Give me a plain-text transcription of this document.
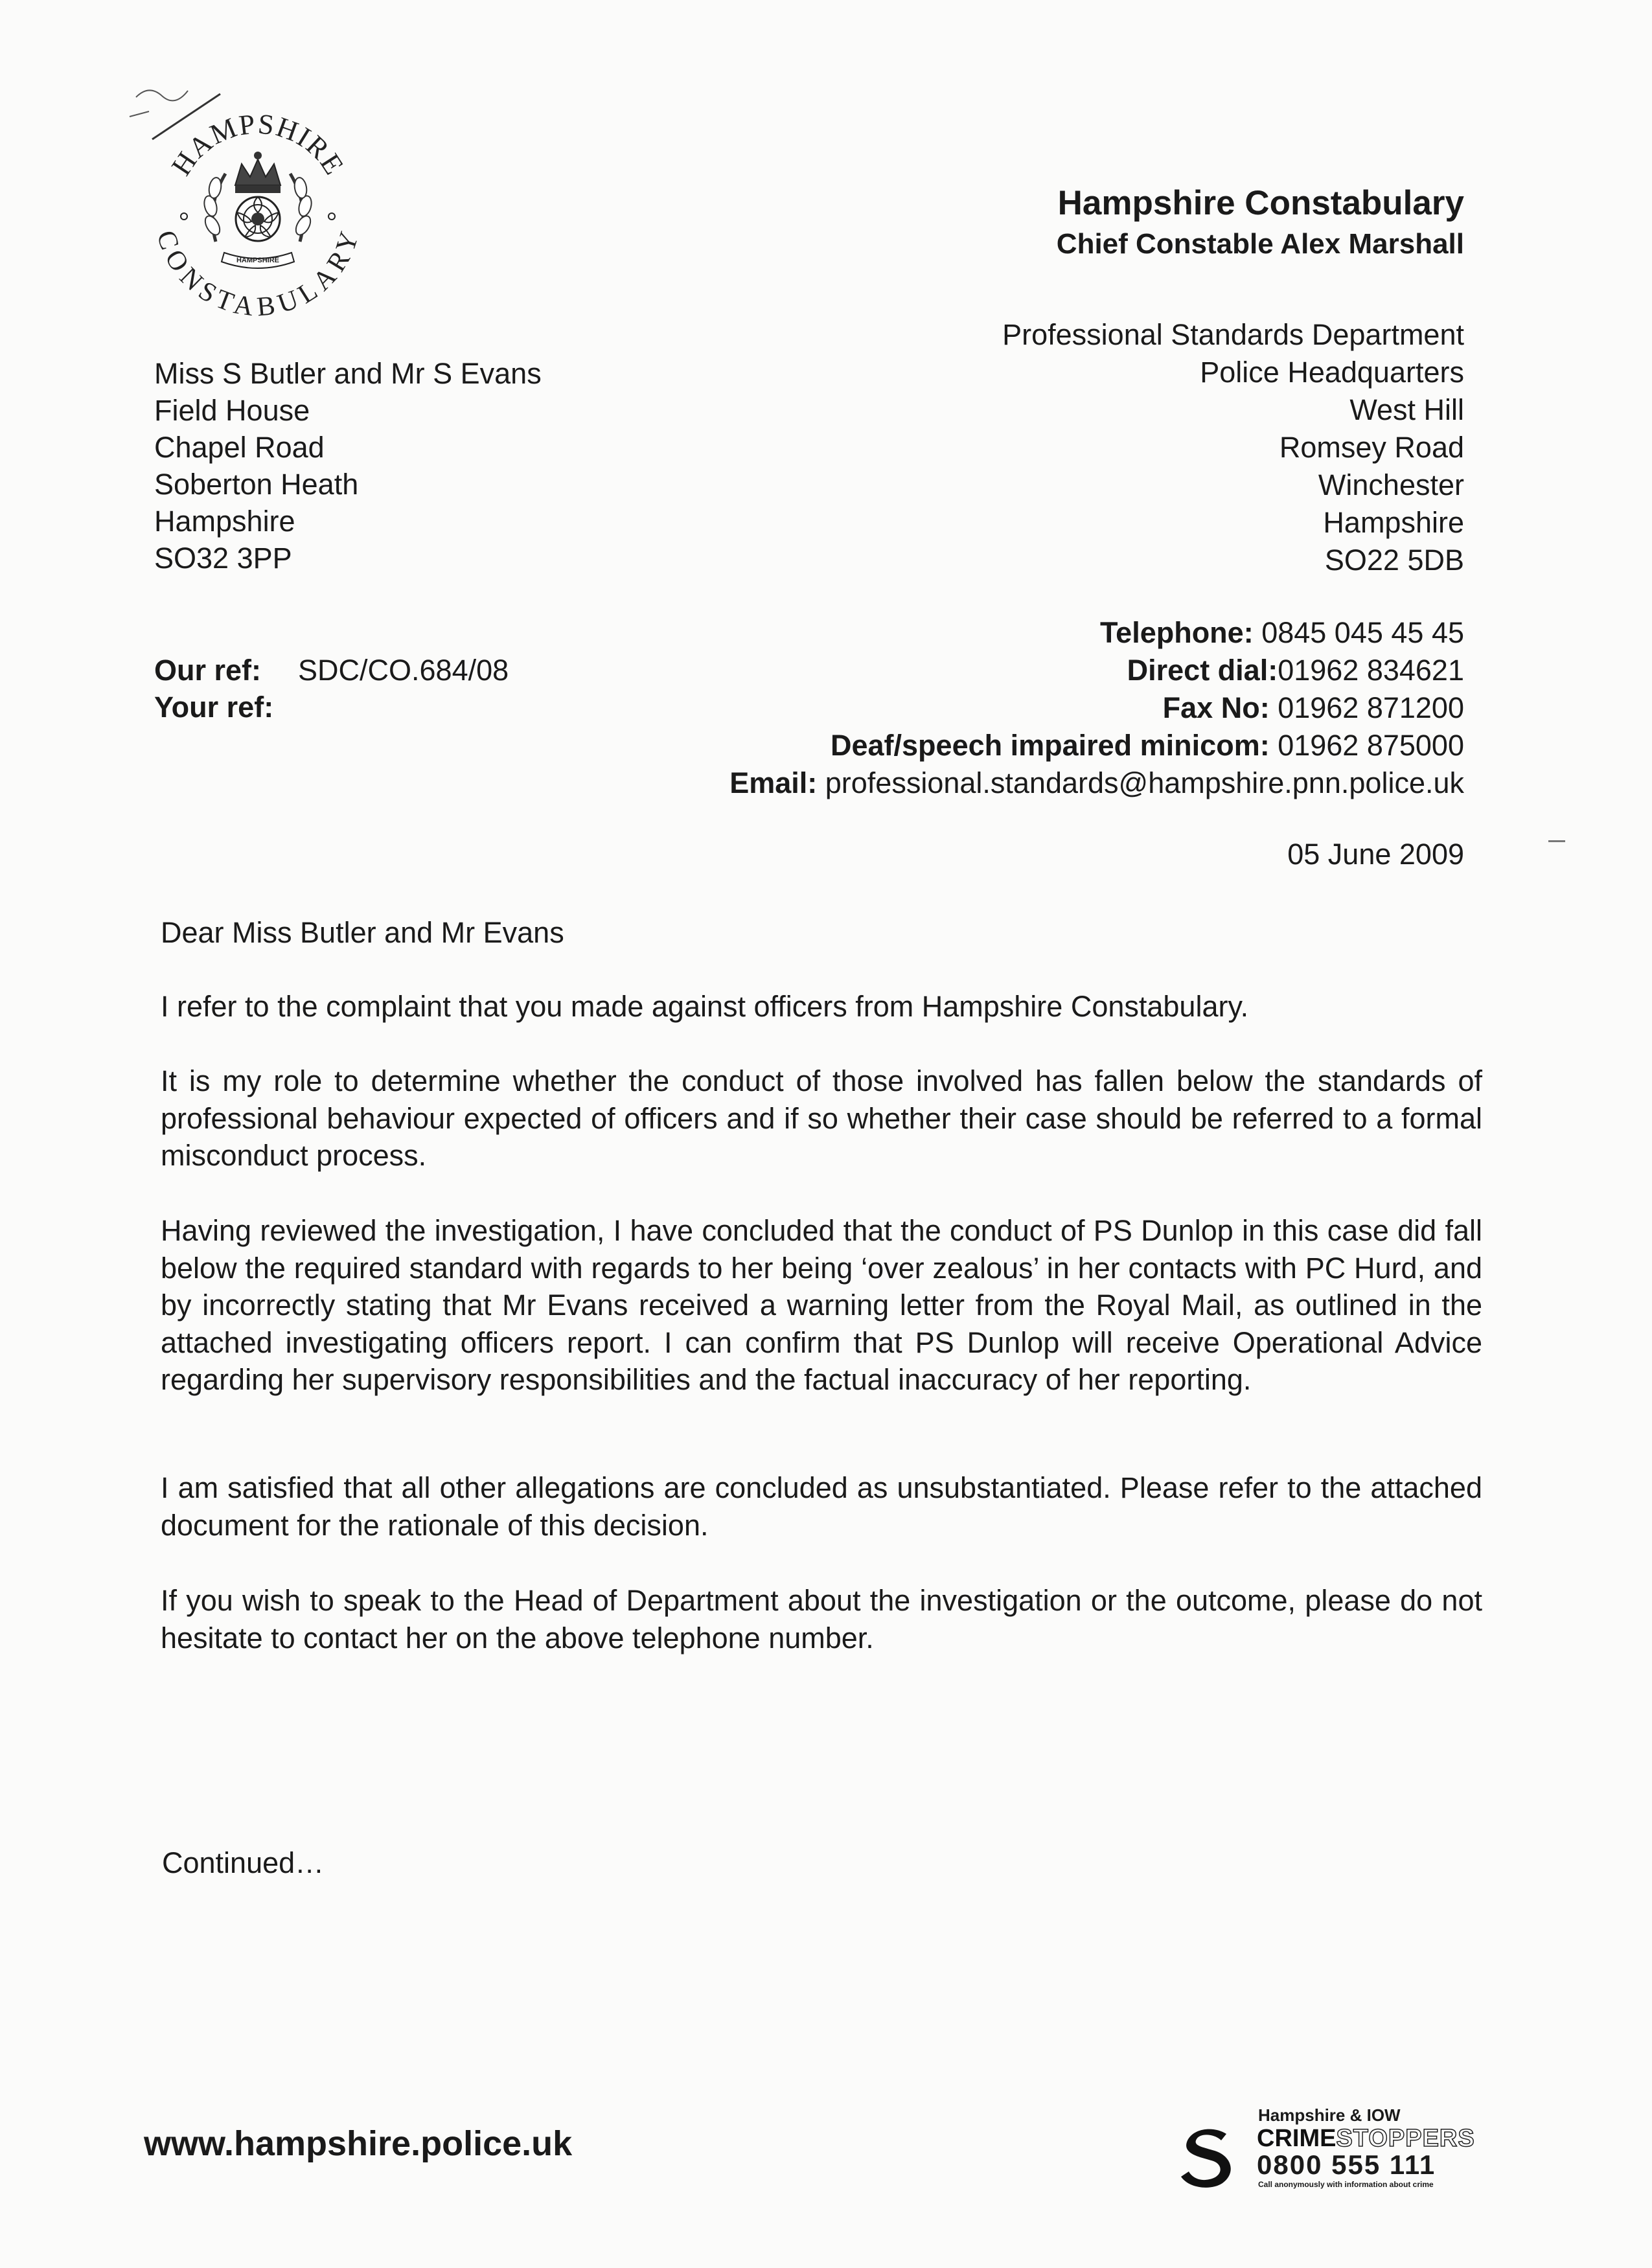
HAMPSHIRE
CONSTABULARY
HAMPSHIRE
Hampshire Constabulary
Chief Constable Alex Marshall
Professional Standards Department
Police Headquarters
West Hill
Romsey Road
Winchester
Hampshire
SO22 5DB
Miss S Butler and Mr S Evans
Field House
Chapel Road
Soberton Heath
Hampshire
SO32 3PP
Telephone: 0845 045 45 45
Direct dial:01962 834621
Fax No: 01962 871200
Deaf/speech impaired minicom: 01962 875000
Email: professional.standards@hampshire.pnn.police.uk
Our ref: SDC/CO.684/08
Your ref:
05 June 2009
Dear Miss Butler and Mr Evans
I refer to the complaint that you made against officers from Hampshire Constabulary.
It is my role to determine whether the conduct of those involved has fallen below the standards of professional behaviour expected of officers and if so whether their case should be referred to a formal misconduct process.
Having reviewed the investigation, I have concluded that the conduct of PS Dunlop in this case did fall below the required standard with regards to her being ‘over zealous’ in her contacts with PC Hurd, and by incorrectly stating that Mr Evans received a warning letter from the Royal Mail, as outlined in the attached investigating officers report. I can confirm that PS Dunlop will receive Operational Advice regarding her supervisory responsibilities and the factual inaccuracy of her reporting.
I am satisfied that all other allegations are concluded as unsubstantiated. Please refer to the attached document for the rationale of this decision.
If you wish to speak to the Head of Department about the investigation or the outcome, please do not hesitate to contact her on the above telephone number.
Continued…
www.hampshire.police.uk
Hampshire & IOW
CRIMESTOPPERS
0800 555 111
Call anonymously with information about crime
